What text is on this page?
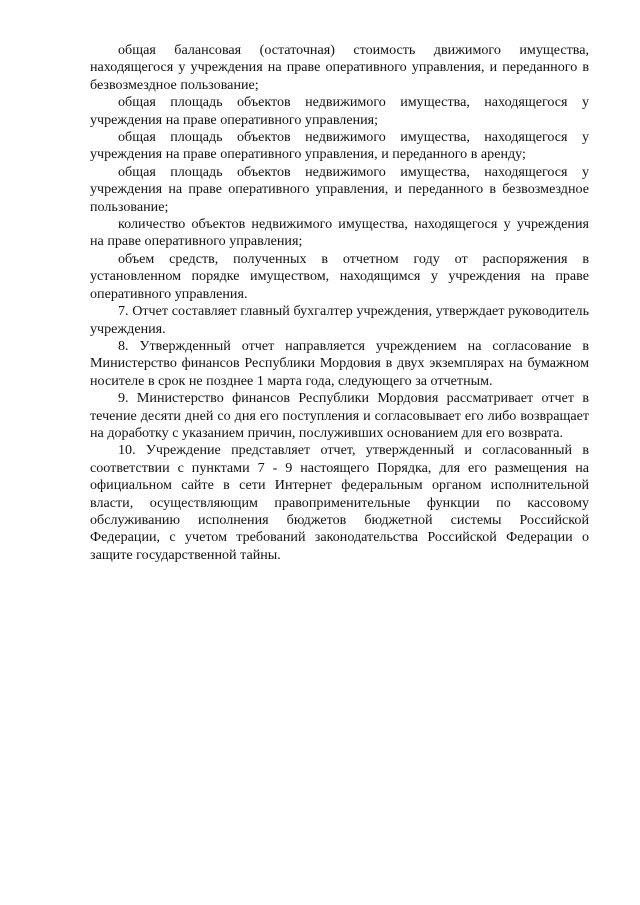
общая балансовая (остаточная) стоимость движимого имущества, находящегося у учреждения на праве оперативного управления, и переданного в безвозмездное пользование;

общая площадь объектов недвижимого имущества, находящегося у учреждения на праве оперативного управления;

общая площадь объектов недвижимого имущества, находящегося у учреждения на праве оперативного управления, и переданного в аренду;

общая площадь объектов недвижимого имущества, находящегося у учреждения на праве оперативного управления, и переданного в безвозмездное пользование;

количество объектов недвижимого имущества, находящегося у учреждения на праве оперативного управления;

объем средств, полученных в отчетном году от распоряжения в установленном порядке имуществом, находящимся у учреждения на праве оперативного управления.

7. Отчет составляет главный бухгалтер учреждения, утверждает руководитель учреждения.

8. Утвержденный отчет направляется учреждением на согласование в Министерство финансов Республики Мордовия в двух экземплярах на бумажном носителе в срок не позднее 1 марта года, следующего за отчетным.

9. Министерство финансов Республики Мордовия рассматривает отчет в течение десяти дней со дня его поступления и согласовывает его либо возвращает на доработку с указанием причин, послуживших основанием для его возврата.

10. Учреждение представляет отчет, утвержденный и согласованный в соответствии с пунктами 7 - 9 настоящего Порядка, для его размещения на официальном сайте в сети Интернет федеральным органом исполнительной власти, осуществляющим правоприменительные функции по кассовому обслуживанию исполнения бюджетов бюджетной системы Российской Федерации, с учетом требований законодательства Российской Федерации о защите государственной тайны.
